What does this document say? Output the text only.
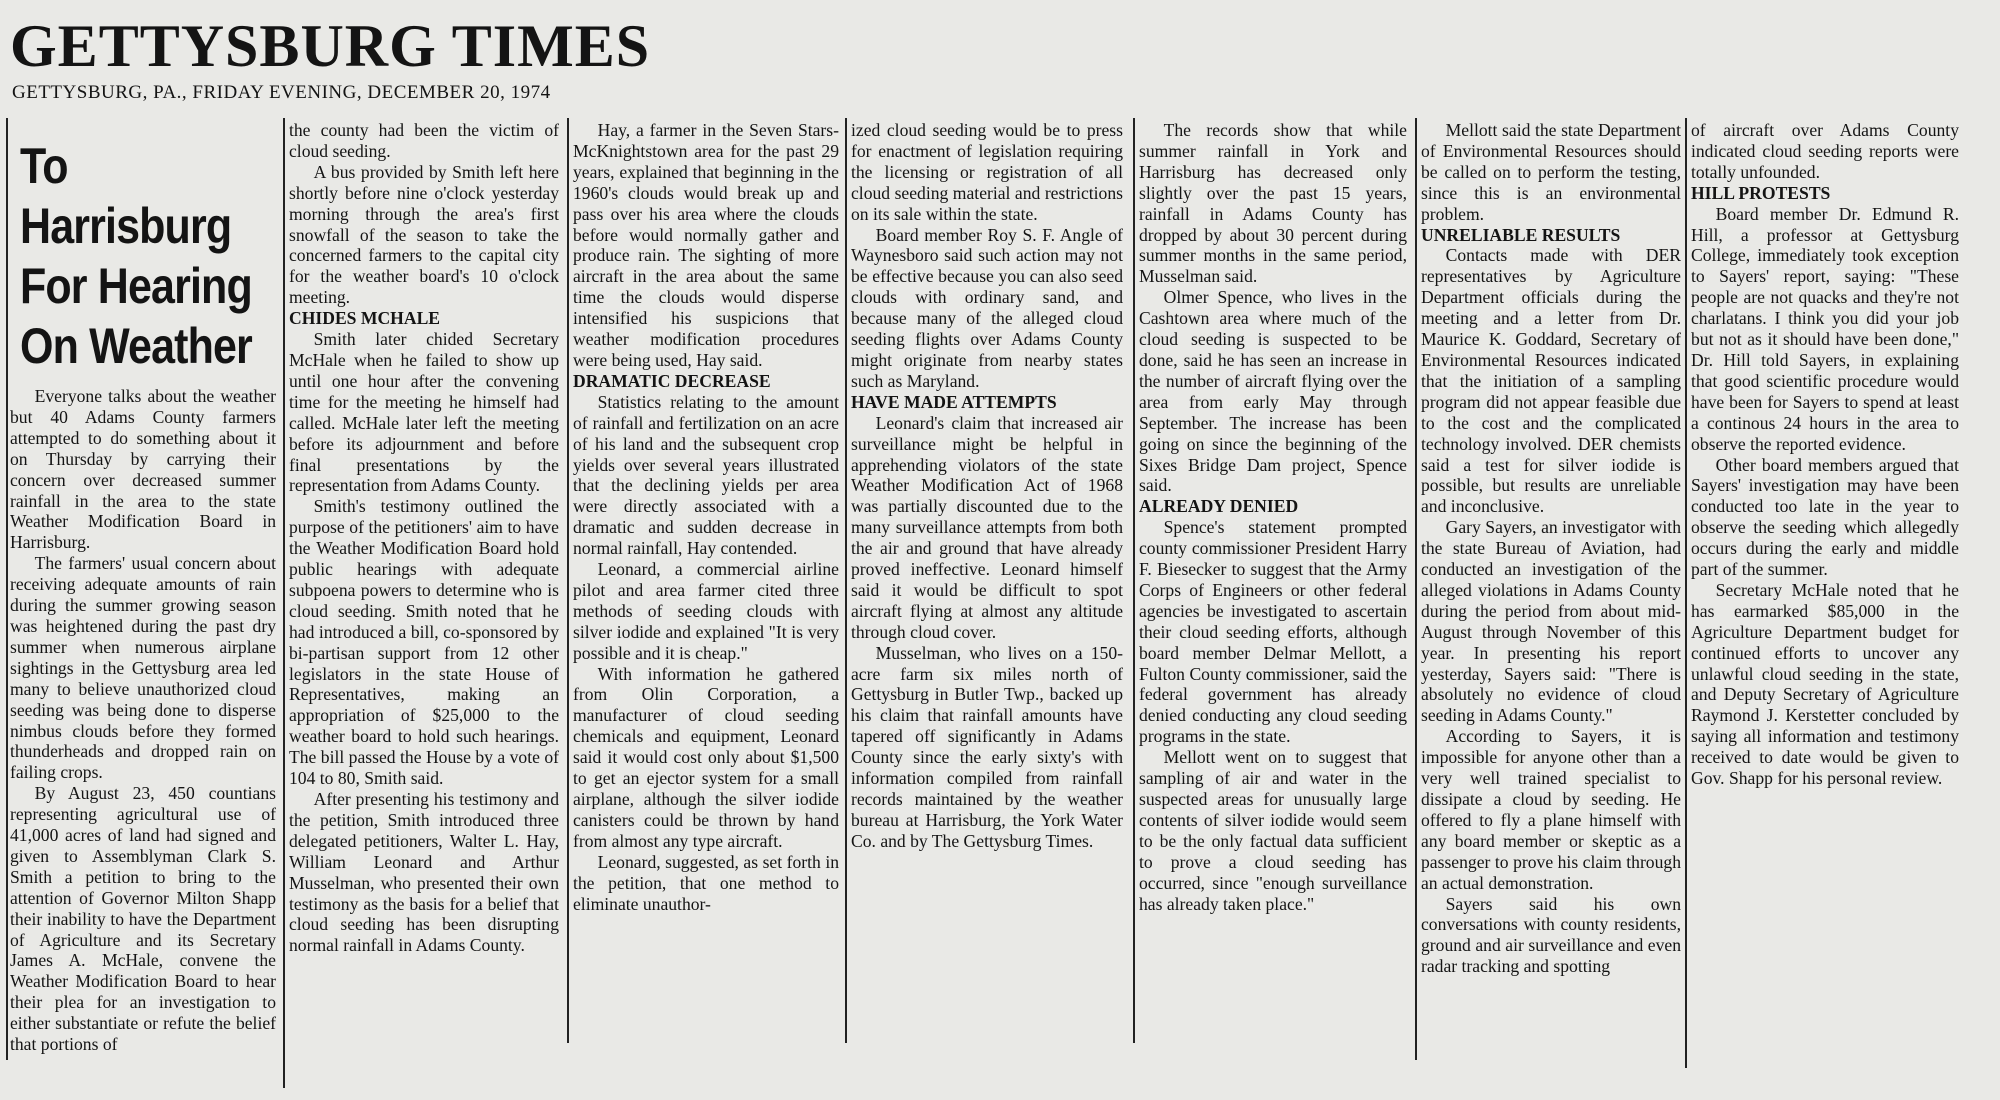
GETTYSBURG TIMES
GETTYSBURG, PA., FRIDAY EVENING, DECEMBER 20, 1974
To Harrisburg
For Hearing
On Weather

Everyone talks about the weather but 40 Adams County farmers attempted to do something about it on Thursday by carrying their concern over decreased summer rainfall in the area to the state Weather Modification Board in Harrisburg.

The farmers' usual concern about receiving adequate amounts of rain during the summer growing season was heightened during the past dry summer when numerous airplane sightings in the Gettysburg area led many to believe unauthorized cloud seeding was being done to disperse nimbus clouds before they formed thunderheads and dropped rain on failing crops.

By August 23, 450 countians representing agricultural use of 41,000 acres of land had signed and given to Assemblyman Clark S. Smith a petition to bring to the attention of Governor Milton Shapp their inability to have the Department of Agriculture and its Secretary James A. McHale, convene the Weather Modification Board to hear their plea for an investigation to either substantiate or refute the belief that portions of

the county had been the victim of cloud seeding.

A bus provided by Smith left here shortly before nine o'clock yesterday morning through the area's first snowfall of the season to take the concerned farmers to the capital city for the weather board's 10 o'clock meeting.

CHIDES MCHALE

Smith later chided Secretary McHale when he failed to show up until one hour after the convening time for the meeting he himself had called. McHale later left the meeting before its adjournment and before final presentations by the representation from Adams County.

Smith's testimony outlined the purpose of the petitioners' aim to have the Weather Modification Board hold public hearings with adequate subpoena powers to determine who is cloud seeding. Smith noted that he had introduced a bill, co-sponsored by bi-partisan support from 12 other legislators in the state House of Representatives, making an appropriation of $25,000 to the weather board to hold such hearings. The bill passed the House by a vote of 104 to 80, Smith said.

After presenting his testimony and the petition, Smith introduced three delegated petitioners, Walter L. Hay, William Leonard and Arthur Musselman, who presented their own testimony as the basis for a belief that cloud seeding has been disrupting normal rainfall in Adams County.

Hay, a farmer in the Seven Stars-McKnightstown area for the past 29 years, explained that beginning in the 1960's clouds would break up and pass over his area where the clouds before would normally gather and produce rain. The sighting of more aircraft in the area about the same time the clouds would disperse intensified his suspicions that weather modification procedures were being used, Hay said.

DRAMATIC DECREASE

Statistics relating to the amount of rainfall and fertilization on an acre of his land and the subsequent crop yields over several years illustrated that the declining yields per area were directly associated with a dramatic and sudden decrease in normal rainfall, Hay contended.

Leonard, a commercial airline pilot and area farmer cited three methods of seeding clouds with silver iodide and explained "It is very possible and it is cheap."

With information he gathered from Olin Corporation, a manufacturer of cloud seeding chemicals and equipment, Leonard said it would cost only about $1,500 to get an ejector system for a small airplane, although the silver iodide canisters could be thrown by hand from almost any type aircraft.

Leonard, suggested, as set forth in the petition, that one method to eliminate unauthor-

ized cloud seeding would be to press for enactment of legislation requiring the licensing or registration of all cloud seeding material and restrictions on its sale within the state.

Board member Roy S. F. Angle of Waynesboro said such action may not be effective because you can also seed clouds with ordinary sand, and because many of the alleged cloud seeding flights over Adams County might originate from nearby states such as Maryland.

HAVE MADE ATTEMPTS

Leonard's claim that increased air surveillance might be helpful in apprehending violators of the state Weather Modification Act of 1968 was partially discounted due to the many surveillance attempts from both the air and ground that have already proved ineffective. Leonard himself said it would be difficult to spot aircraft flying at almost any altitude through cloud cover.

Musselman, who lives on a 150-acre farm six miles north of Gettysburg in Butler Twp., backed up his claim that rainfall amounts have tapered off significantly in Adams County since the early sixty's with information compiled from rainfall records maintained by the weather bureau at Harrisburg, the York Water Co. and by The Gettysburg Times.

The records show that while summer rainfall in York and Harrisburg has decreased only slightly over the past 15 years, rainfall in Adams County has dropped by about 30 percent during summer months in the same period, Musselman said.

Olmer Spence, who lives in the Cashtown area where much of the cloud seeding is suspected to be done, said he has seen an increase in the number of aircraft flying over the area from early May through September. The increase has been going on since the beginning of the Sixes Bridge Dam project, Spence said.

ALREADY DENIED

Spence's statement prompted county commissioner President Harry F. Biesecker to suggest that the Army Corps of Engineers or other federal agencies be investigated to ascertain their cloud seeding efforts, although board member Delmar Mellott, a Fulton County commissioner, said the federal government has already denied conducting any cloud seeding programs in the state.

Mellott went on to suggest that sampling of air and water in the suspected areas for unusually large contents of silver iodide would seem to be the only factual data sufficient to prove a cloud seeding has occurred, since "enough surveillance has already taken place."

Mellott said the state Department of Environmental Resources should be called on to perform the testing, since this is an environmental problem.

UNRELIABLE RESULTS

Contacts made with DER representatives by Agriculture Department officials during the meeting and a letter from Dr. Maurice K. Goddard, Secretary of Environmental Resources indicated that the initiation of a sampling program did not appear feasible due to the cost and the complicated technology involved. DER chemists said a test for silver iodide is possible, but results are unreliable and inconclusive.

Gary Sayers, an investigator with the state Bureau of Aviation, had conducted an investigation of the alleged violations in Adams County during the period from about mid-August through November of this year. In presenting his report yesterday, Sayers said: "There is absolutely no evidence of cloud seeding in Adams County."

According to Sayers, it is impossible for anyone other than a very well trained specialist to dissipate a cloud by seeding. He offered to fly a plane himself with any board member or skeptic as a passenger to prove his claim through an actual demonstration.

Sayers said his own conversations with county residents, ground and air surveillance and even radar tracking and spotting

of aircraft over Adams County indicated cloud seeding reports were totally unfounded.

HILL PROTESTS

Board member Dr. Edmund R. Hill, a professor at Gettysburg College, immediately took exception to Sayers' report, saying: "These people are not quacks and they're not charlatans. I think you did your job but not as it should have been done," Dr. Hill told Sayers, in explaining that good scientific procedure would have been for Sayers to spend at least a continous 24 hours in the area to observe the reported evidence.

Other board members argued that Sayers' investigation may have been conducted too late in the year to observe the seeding which allegedly occurs during the early and middle part of the summer.

Secretary McHale noted that he has earmarked $85,000 in the Agriculture Department budget for continued efforts to uncover any unlawful cloud seeding in the state, and Deputy Secretary of Agriculture Raymond J. Kerstetter concluded by saying all information and testimony received to date would be given to Gov. Shapp for his personal review.
